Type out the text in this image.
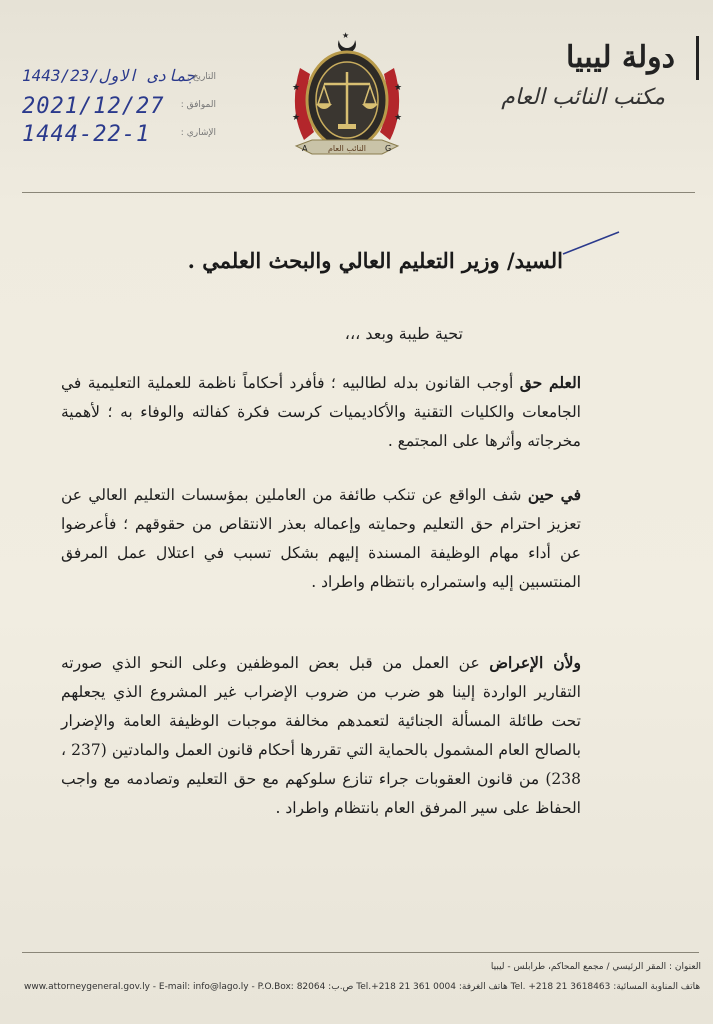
دولة ليبيا
مكتب النائب العام
★	★
★	★
★
A	G
النائب العام
1443/جمادى الاول/23
التاريخ :
2021/12/27 الموافق :
1444-22-1	الإشاري :
السيد/ وزير التعليم العالي والبحث العلمي .
تحية طيبة وبعد ،،،
العلم حق أوجب القانون بدله لطالبيه ؛ فأفرد أحكاماً ناظمة للعملية التعليمية في الجامعات والكليات التقنية والأكاديميات كرست فكرة كفالته والوفاء به ؛ لأهمية مخرجاته وأثرها على المجتمع .
في حين شف الواقع عن تنكب طائفة من العاملين بمؤسسات التعليم العالي عن تعزيز احترام حق التعليم وحمايته وإعماله بعذر الانتقاص من حقوقهم ؛ فأعرضوا عن أداء مهام الوظيفة المسندة إليهم بشكل تسبب في اعتلال عمل المرفق المنتسبين إليه واستمراره بانتظام واطراد .
ولأن الإعراض عن العمل من قبل بعض الموظفين وعلى النحو الذي صورته التقارير الواردة إلينا هو ضرب من ضروب الإضراب غير المشروع الذي يجعلهم تحت طائلة المسألة الجنائية لتعمدهم مخالفة موجبات الوظيفة العامة والإضرار بالصالح العام المشمول بالحماية التي تقررها أحكام قانون العمل والمادتين (237 ، 238) من قانون العقوبات جراء تنازع سلوكهم مع حق التعليم وتصادمه مع واجب الحفاظ على سير المرفق العام بانتظام واطراد .
العنوان : المقر الرئيسي / مجمع المحاكم، طرابلس - ليبيا
www.attorneygeneral.gov.ly - E-mail: info@lago.ly - P.O.Box: 82064 :ص.ب Tel.+218 21 361 0004 :هاتف الغرفة Tel. +218 21 3618463 :هاتف المناوبة المسائية
